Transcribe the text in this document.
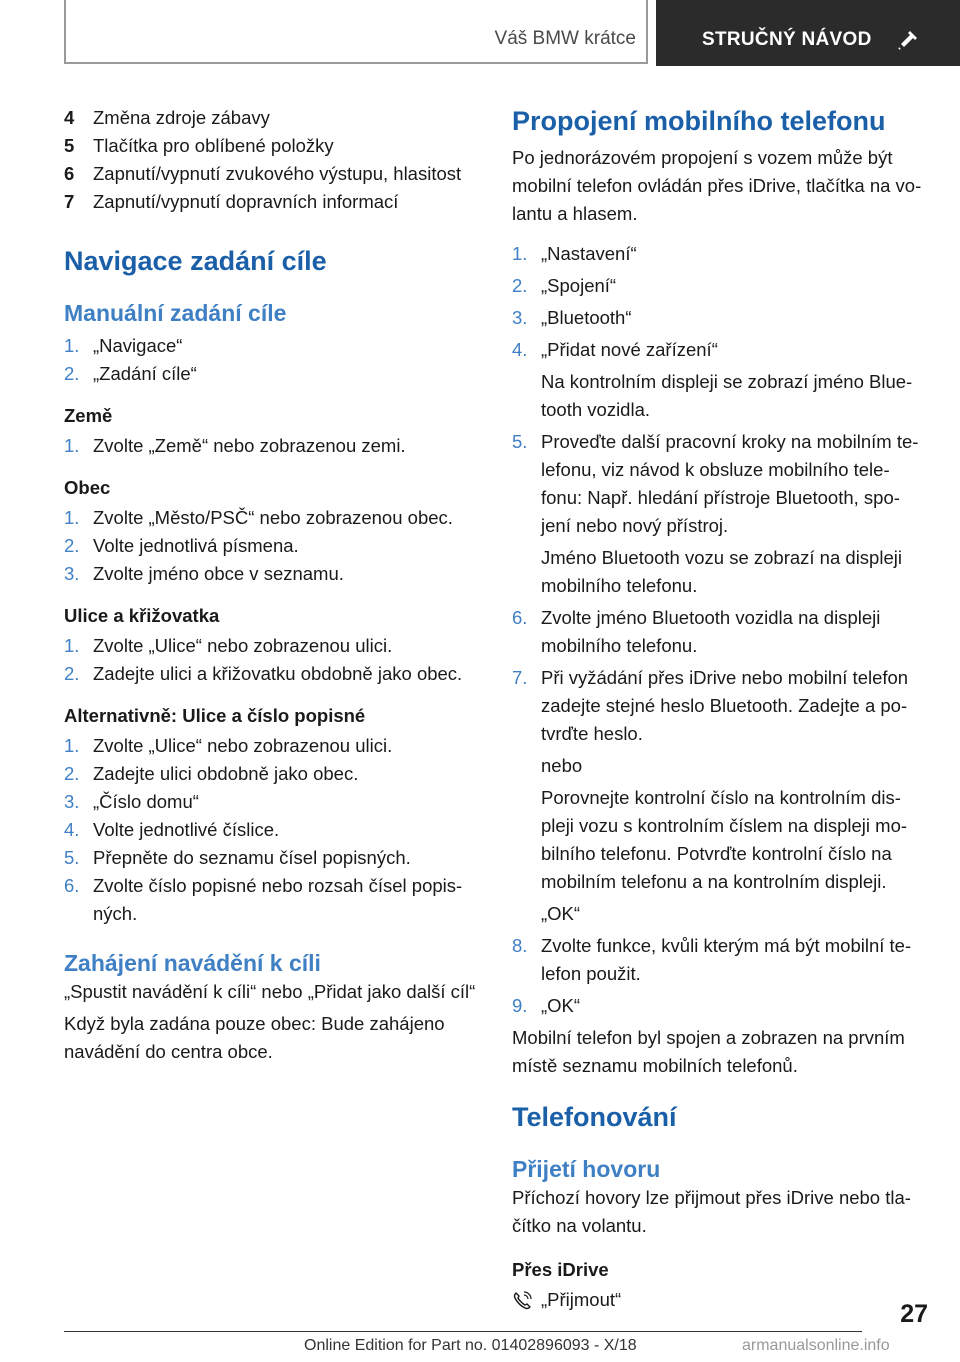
Váš BMW krátce	STRUČNÝ NÁVOD
4 Změna zdroje zábavy
5 Tlačítka pro oblíbené položky
6 Zapnutí/vypnutí zvukového výstupu, hlasitost
7 Zapnutí/vypnutí dopravních informací
Navigace zadání cíle
Manuální zadání cíle
1. „Navigace“
2. „Zadání cíle“
Země
1. Zvolte „Země“ nebo zobrazenou zemi.
Obec
1. Zvolte „Město/PSČ“ nebo zobrazenou obec.
2. Volte jednotlivá písmena.
3. Zvolte jméno obce v seznamu.
Ulice a křižovatka
1. Zvolte „Ulice“ nebo zobrazenou ulici.
2. Zadejte ulici a křižovatku obdobně jako obec.
Alternativně: Ulice a číslo popisné
1. Zvolte „Ulice“ nebo zobrazenou ulici.
2. Zadejte ulici obdobně jako obec.
3. „Číslo domu“
4. Volte jednotlivé číslice.
5. Přepněte do seznamu čísel popisných.
6. Zvolte číslo popisné nebo rozsah čísel popis-ných.
Zahájení navádění k cíli
„Spustit navádění k cíli“ nebo „Přidat jako další cíl“
Když byla zadána pouze obec: Bude zahájeno navádění do centra obce.
Propojení mobilního telefonu
Po jednorázovém propojení s vozem může být mobilní telefon ovládán přes iDrive, tlačítka na vo-lantu a hlasem.
1. „Nastavení“
2. „Spojení“
3. „Bluetooth“
4. „Přidat nové zařízení“
Na kontrolním displeji se zobrazí jméno Blue-tooth vozidla.
5. Proveďte další pracovní kroky na mobilním te-lefonu, viz návod k obsluze mobilního tele-fonu: Např. hledání přístroje Bluetooth, spo-jení nebo nový přístroj.
Jméno Bluetooth vozu se zobrazí na displeji mobilního telefonu.
6. Zvolte jméno Bluetooth vozidla na displeji mobilního telefonu.
7. Při vyžádání přes iDrive nebo mobilní telefon zadejte stejné heslo Bluetooth. Zadejte a po-tvrďte heslo.
nebo
Porovnejte kontrolní číslo na kontrolním dis-pleji vozu s kontrolním číslem na displeji mo-bilního telefonu. Potvrďte kontrolní číslo na mobilním telefonu a na kontrolním displeji.
„OK“
8. Zvolte funkce, kvůli kterým má být mobilní te-lefon použit.
9. „OK“
Mobilní telefon byl spojen a zobrazen na prvním místě seznamu mobilních telefonů.
Telefonování
Přijetí hovoru
Příchozí hovory lze přijmout přes iDrive nebo tla-čítko na volantu.
Přes iDrive
„Přijmout“
27
Online Edition for Part no. 01402896093 - X/18	armanualsonline.info
